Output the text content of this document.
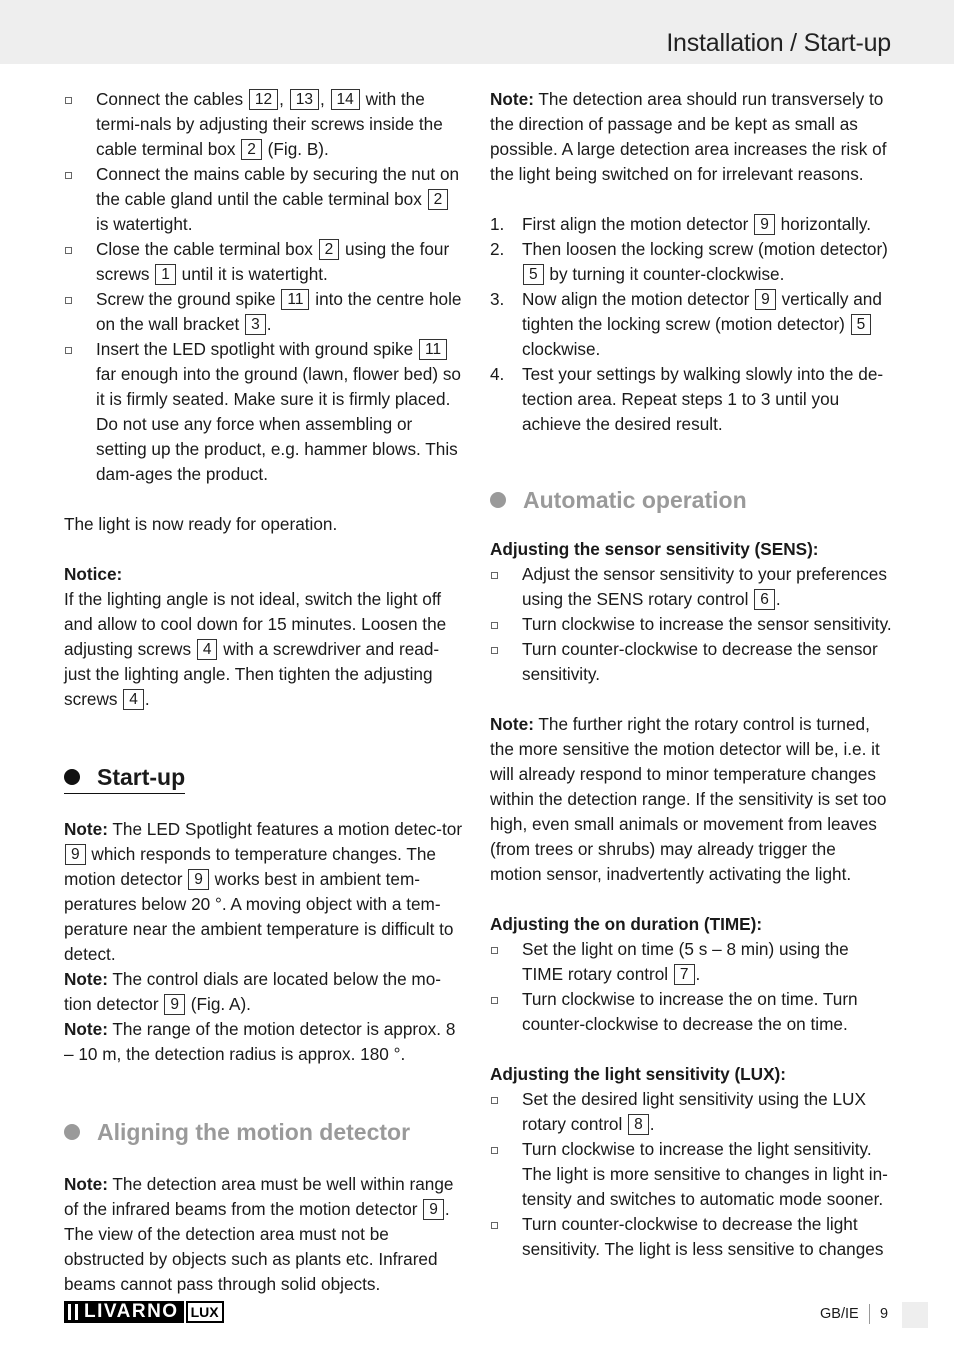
Installation / Start-up
Connect the cables 12 , 13 , 14 with the termi-nals by adjusting their screws inside the cable terminal box 2 (Fig. B).
Connect the mains cable by securing the nut on the cable gland until the cable terminal box 2 is watertight.
Close the cable terminal box 2 using the four screws 1 until it is watertight.
Screw the ground spike 11 into the centre hole on the wall bracket 3 .
Insert the LED spotlight with ground spike 11 far enough into the ground (lawn, flower bed) so it is firmly seated. Make sure it is firmly placed. Do not use any force when assembling or setting up the product, e.g. hammer blows. This dam-ages the product.

The light is now ready for operation.

Notice:

If the lighting angle is not ideal, switch the light off and allow to cool down for 15 minutes. Loosen the adjusting screws 4 with a screwdriver and read-just the lighting angle. Then tighten the adjusting screws 4 .

Start-up

Note: The LED Spotlight features a motion detec-tor 9 which responds to temperature changes. The motion detector 9 works best in ambient tem-peratures below 20 °. A moving object with a tem-perature near the ambient temperature is difficult to detect.

Note: The control dials are located below the mo-tion detector 9 (Fig. A).

Note: The range of the motion detector is approx. 8 – 10 m, the detection radius is approx. 180 °.

Aligning the motion detector

Note: The detection area must be well within range of the infrared beams from the motion detector 9 . The view of the detection area must not be obstructed by objects such as plants etc. Infrared beams cannot pass through solid objects.

Note: The detection area should run transversely to the direction of passage and be kept as small as possible. A large detection area increases the risk of the light being switched on for irrelevant reasons.

1. First align the motion detector 9 horizontally.
2. Then loosen the locking screw (motion detector) 5 by turning it counter-clockwise.
3. Now align the motion detector 9 vertically and tighten the locking screw (motion detector) 5 clockwise.
4. Test your settings by walking slowly into the de-tection area. Repeat steps 1 to 3 until you achieve the desired result.
Automatic operation

Adjusting the sensor sensitivity (SENS):

Adjust the sensor sensitivity to your preferences using the SENS rotary control 6 .
Turn clockwise to increase the sensor sensitivity.
Turn counter-clockwise to decrease the sensor sensitivity.

Note: The further right the rotary control is turned, the more sensitive the motion detector will be, i.e. it will already respond to minor temperature changes within the detection range. If the sensitivity is set too high, even small animals or movement from leaves (from trees or shrubs) may already trigger the motion sensor, inadvertently activating the light.

Adjusting the on duration (TIME):

Set the light on time (5 s – 8 min) using the TIME rotary control 7 .
Turn clockwise to increase the on time. Turn counter-clockwise to decrease the on time.

Adjusting the light sensitivity (LUX):

Set the desired light sensitivity using the LUX rotary control 8 .
Turn clockwise to increase the light sensitivity. The light is more sensitive to changes in light in-tensity and switches to automatic mode sooner.
Turn counter-clockwise to decrease the light sensitivity. The light is less sensitive to changes
LIVARNO LUX	GB/IE 9
